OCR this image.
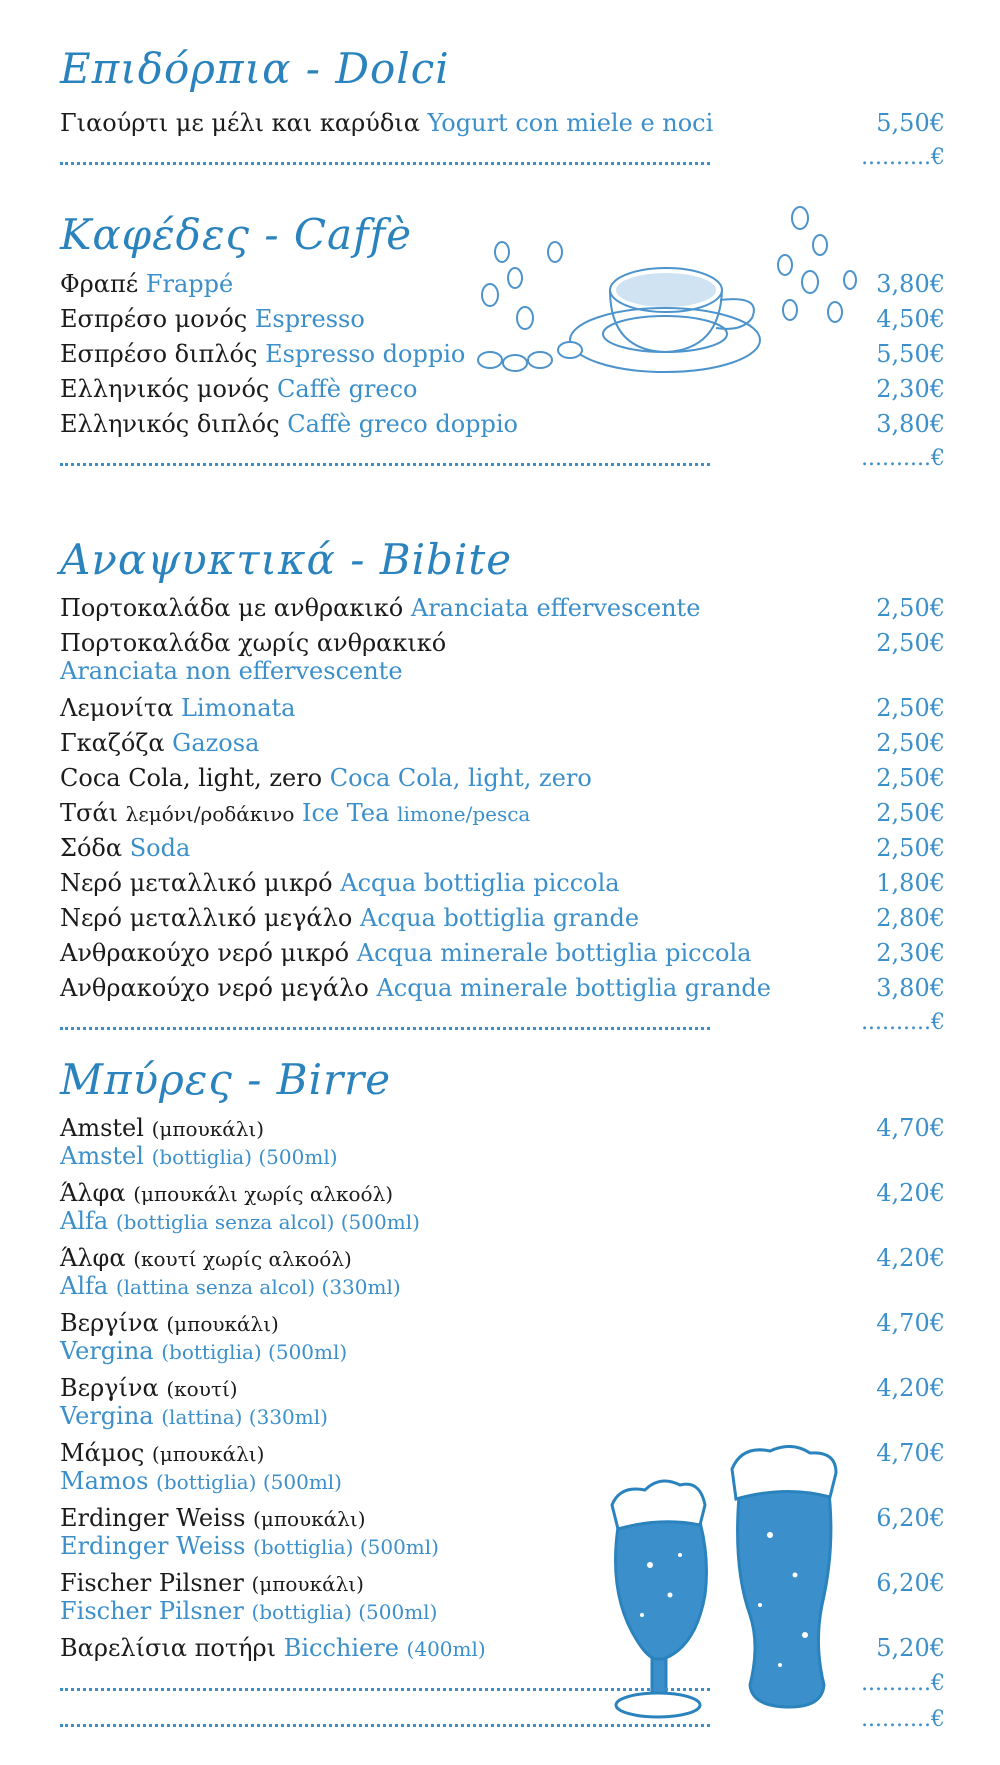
Επιδόρπια - Dolci
Γιαούρτι με μέλι και καρύδια Yogurt con miele e noci	5,50€
..........€
Καφέδες - Caffè
Φραπέ Frappé	3,80€
Εσπρέσο μονός Espresso	4,50€
Εσπρέσο διπλός Espresso doppio	5,50€
Ελληνικός μονός Caffè greco	2,30€
Ελληνικός διπλός Caffè greco doppio	3,80€
..........€
Αναψυκτικά - Bibite
Πορτοκαλάδα με ανθρακικό Aranciata effervescente	2,50€
Πορτοκαλάδα χωρίς ανθρακικό
Aranciata non effervescente
2,50€
Λεμονίτα Limonata	2,50€
Γκαζόζα Gazosa	2,50€
Coca Cola, light, zero Coca Cola, light, zero	2,50€
Τσάι λεμόνι/ροδάκινο Ice Tea limone/pesca	2,50€
Σόδα Soda	2,50€
Νερό μεταλλικό μικρό Acqua bottiglia piccola	1,80€
Νερό μεταλλικό μεγάλο Acqua bottiglia grande	2,80€
Ανθρακούχο νερό μικρό Acqua minerale bottiglia piccola	2,30€
Ανθρακούχο νερό μεγάλο Acqua minerale bottiglia grande	3,80€
..........€
Μπύρες - Birre
Amstel (μπουκάλι)
Amstel (bottiglia) (500ml)
4,70€
Άλφα (μπουκάλι χωρίς αλκοόλ)
Alfa (bottiglia senza alcol) (500ml)
4,20€
Άλφα (κουτί χωρίς αλκοόλ)
Alfa (lattina senza alcol) (330ml)
4,20€
Βεργίνα (μπουκάλι)
Vergina (bottiglia) (500ml)
4,70€
Βεργίνα (κουτί)
Vergina (lattina) (330ml)
4,20€
Μάμος (μπουκάλι)
Mamos (bottiglia) (500ml)
4,70€
Erdinger Weiss (μπουκάλι)
Erdinger Weiss (bottiglia) (500ml)
6,20€
Fischer Pilsner (μπουκάλι)
Fischer Pilsner (bottiglia) (500ml)
6,20€
Βαρελίσια ποτήρι Bicchiere (400ml)	5,20€
..........€
..........€
